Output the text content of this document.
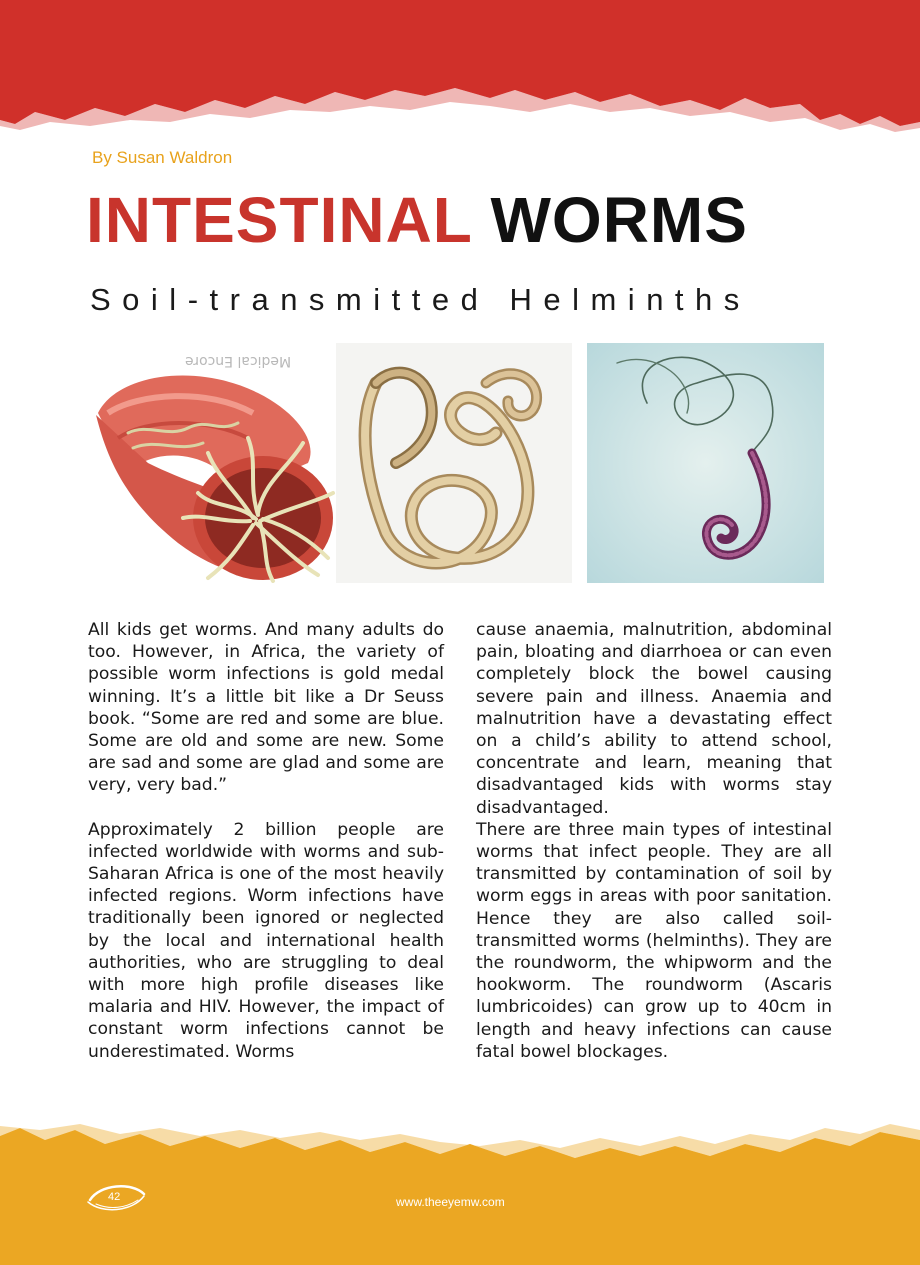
By Susan Waldron
INTESTINAL WORMS
Soil-transmitted Helminths
Medical Encore

All kids get worms. And many adults do too. However, in Africa, the variety of possible worm infections is gold medal winning. It’s a little bit like a Dr Seuss book. “Some are red and some are blue. Some are old and some are new. Some are sad and some are glad and some are very, very bad.”

Approximately 2 billion people are infected worldwide with worms and sub-Saharan Africa is one of the most heavily infected regions. Worm infections have traditionally been ignored or neglected by the local and international health authorities, who are struggling to deal with more high profile diseases like malaria and HIV. However, the impact of constant worm infections cannot be underestimated. Worms

cause anaemia, malnutrition, abdominal pain, bloating and diarrhoea or can even completely block the bowel causing severe pain and illness. Anaemia and malnutrition have a devastating effect on a child’s ability to attend school, concentrate and learn, meaning that disadvantaged kids with worms stay disadvantaged.

There are three main types of intestinal worms that infect people. They are all transmitted by contamination of soil by worm eggs in areas with poor sanitation. Hence they are also called soil-transmitted worms (helminths). They are the roundworm, the whipworm and the hookworm. The roundworm (Ascaris lumbricoides) can grow up to 40cm in length and heavy infections can cause fatal bowel blockages.

42	www.theeyemw.com
